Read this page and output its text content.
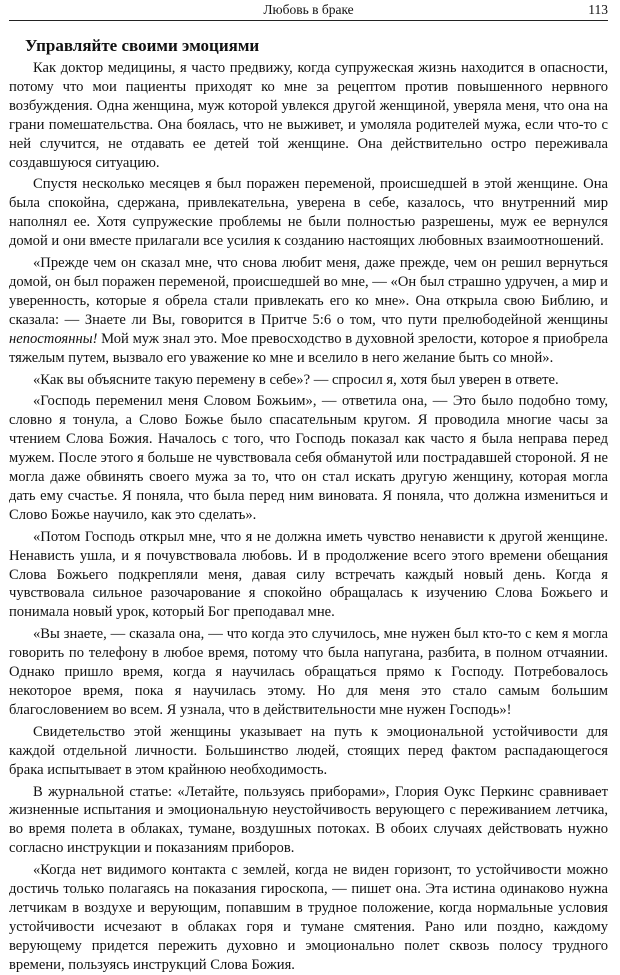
Любовь в браке	113
Управляйте своими эмоциями

Как доктор медицины, я часто предвижу, когда супружеская жизнь находится в опасности, потому что мои пациенты приходят ко мне за рецептом против повышенного нервного возбуждения. Одна женщина, муж которой увлекся другой женщиной, уверяла меня, что она на грани помешательства. Она боялась, что не выживет, и умоляла родителей мужа, если что-то с ней случится, не отдавать ее детей той женщине. Она действительно остро переживала создавшуюся ситуацию.

Спустя несколько месяцев я был поражен переменой, происшедшей в этой женщине. Она была спокойна, сдержана, привлекательна, уверена в себе, казалось, что внутренний мир наполнял ее. Хотя супружеские проблемы не были полностью разрешены, муж ее вернулся домой и они вместе прилагали все усилия к созданию настоящих любовных взаимоотношений.

«Прежде чем он сказал мне, что снова любит меня, даже прежде, чем он решил вернуться домой, он был поражен переменой, происшедшей во мне, — «Он был страшно удручен, а мир и уверенность, которые я обрела стали привлекать его ко мне». Она открыла свою Библию, и сказала: — Знаете ли Вы, говорится в Притче 5:6 о том, что пути прелюбодейной женщины непостоянны! Мой муж знал это. Мое превосходство в духовной зрелости, которое я приобрела тяжелым путем, вызвало его уважение ко мне и вселило в него желание быть со мной».

«Как вы объясните такую перемену в себе»? — спросил я, хотя был уверен в ответе.

«Господь переменил меня Словом Божьим», — ответила она, — Это было подобно тому, словно я тонула, а Слово Божье было спасательным кругом. Я проводила многие часы за чтением Слова Божия. Началось с того, что Господь показал как часто я была неправа перед мужем. После этого я больше не чувствовала себя обманутой или пострадавшей стороной. Я не могла даже обвинять своего мужа за то, что он стал искать другую женщину, которая могла дать ему счастье. Я поняла, что была перед ним виновата. Я поняла, что должна измениться и Слово Божье научило, как это сделать».

«Потом Господь открыл мне, что я не должна иметь чувство ненависти к другой женщине. Ненависть ушла, и я почувствовала любовь. И в продолжение всего этого времени обещания Слова Божьего подкрепляли меня, давая силу встречать каждый новый день. Когда я чувствовала сильное разочарование я спокойно обращалась к изучению Слова Божьего и понимала новый урок, который Бог преподавал мне.

«Вы знаете, — сказала она, — что когда это случилось, мне нужен был кто-то с кем я могла говорить по телефону в любое время, потому что была напугана, разбита, в полном отчаянии. Однако пришло время, когда я научилась обращаться прямо к Господу. Потребовалось некоторое время, пока я научилась этому. Но для меня это стало самым большим благословением во всем. Я узнала, что в действительности мне нужен Господь»!

Свидетельство этой женщины указывает на путь к эмоциональной устойчивости для каждой отдельной личности. Большинство людей, стоящих перед фактом распадающегося брака испытывает в этом крайнюю необходимость.

В журнальной статье: «Летайте, пользуясь приборами», Глория Оукс Перкинс сравнивает жизненные испытания и эмоциональную неустойчивость верующего с переживанием летчика, во время полета в облаках, тумане, воздушных потоках. В обоих случаях действовать нужно согласно инструкции и показаниям приборов.

«Когда нет видимого контакта с землей, когда не виден горизонт, то устойчивости можно достичь только полагаясь на показания гироскопа, — пишет она. Эта истина одинаково нужна летчикам в воздухе и верующим, попавшим в трудное положение, когда нормальные условия устойчивости исчезают в облаках горя и тумане смятения. Рано или поздно, каждому верующему придется пережить духовно и эмоционально полет сквозь полосу трудного времени, пользуясь инструкций Слова Божия.
